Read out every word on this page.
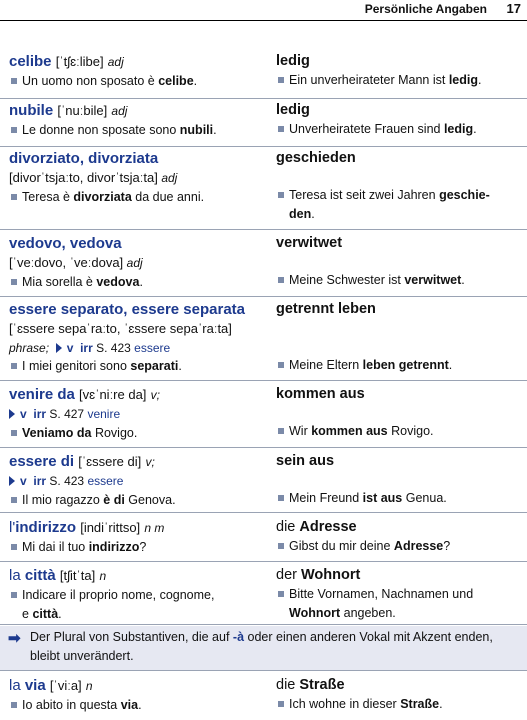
Persönliche Angaben 17
celibe [ˈtʃɛːlibe] adj
Un uomo non sposato è celibe.
ledig
Ein unverheirateter Mann ist ledig.
nubile [ˈnuːbile] adj
Le donne non sposate sono nubili.
ledig
Unverheiratete Frauen sind ledig.
divorziato, divorziata
[divorˈtsjaːto, divorˈtsjaːta] adj
Teresa è divorziata da due anni.
geschieden
Teresa ist seit zwei Jahren geschie-
den.
vedovo, vedova
[ˈveːdovo, ˈveːdova] adj
Mia sorella è vedova.
verwitwet
Meine Schwester ist verwitwet.
essere separato, essere separata
[ˈɛssere sepaˈraːto, ˈɛssere sepaˈraːta]
phrase; v irr S. 423 essere
I miei genitori sono separati.
getrennt leben
Meine Eltern leben getrennt.
venire da [vɛˈniːre da] v;
v irr S. 427 venire
Veniamo da Rovigo.
kommen aus
Wir kommen aus Rovigo.
essere di [ˈɛssere di] v;
v irr S. 423 essere
Il mio ragazzo è di Genova.
sein aus
Mein Freund ist aus Genua.
l'indirizzo [indiˈrittso] n m
Mi dai il tuo indirizzo?
die Adresse
Gibst du mir deine Adresse?
la città [tʃitˈta] n
Indicare il proprio nome, cognome,
e città.
der Wohnort
Bitte Vornamen, Nachnamen und
Wohnort angeben.
➡ Der Plural von Substantiven, die auf -à oder einen anderen Vokal mit Akzent enden, bleibt unverändert.
la via [ˈviːa] n
Io abito in questa via.
die Straße
Ich wohne in dieser Straße.
